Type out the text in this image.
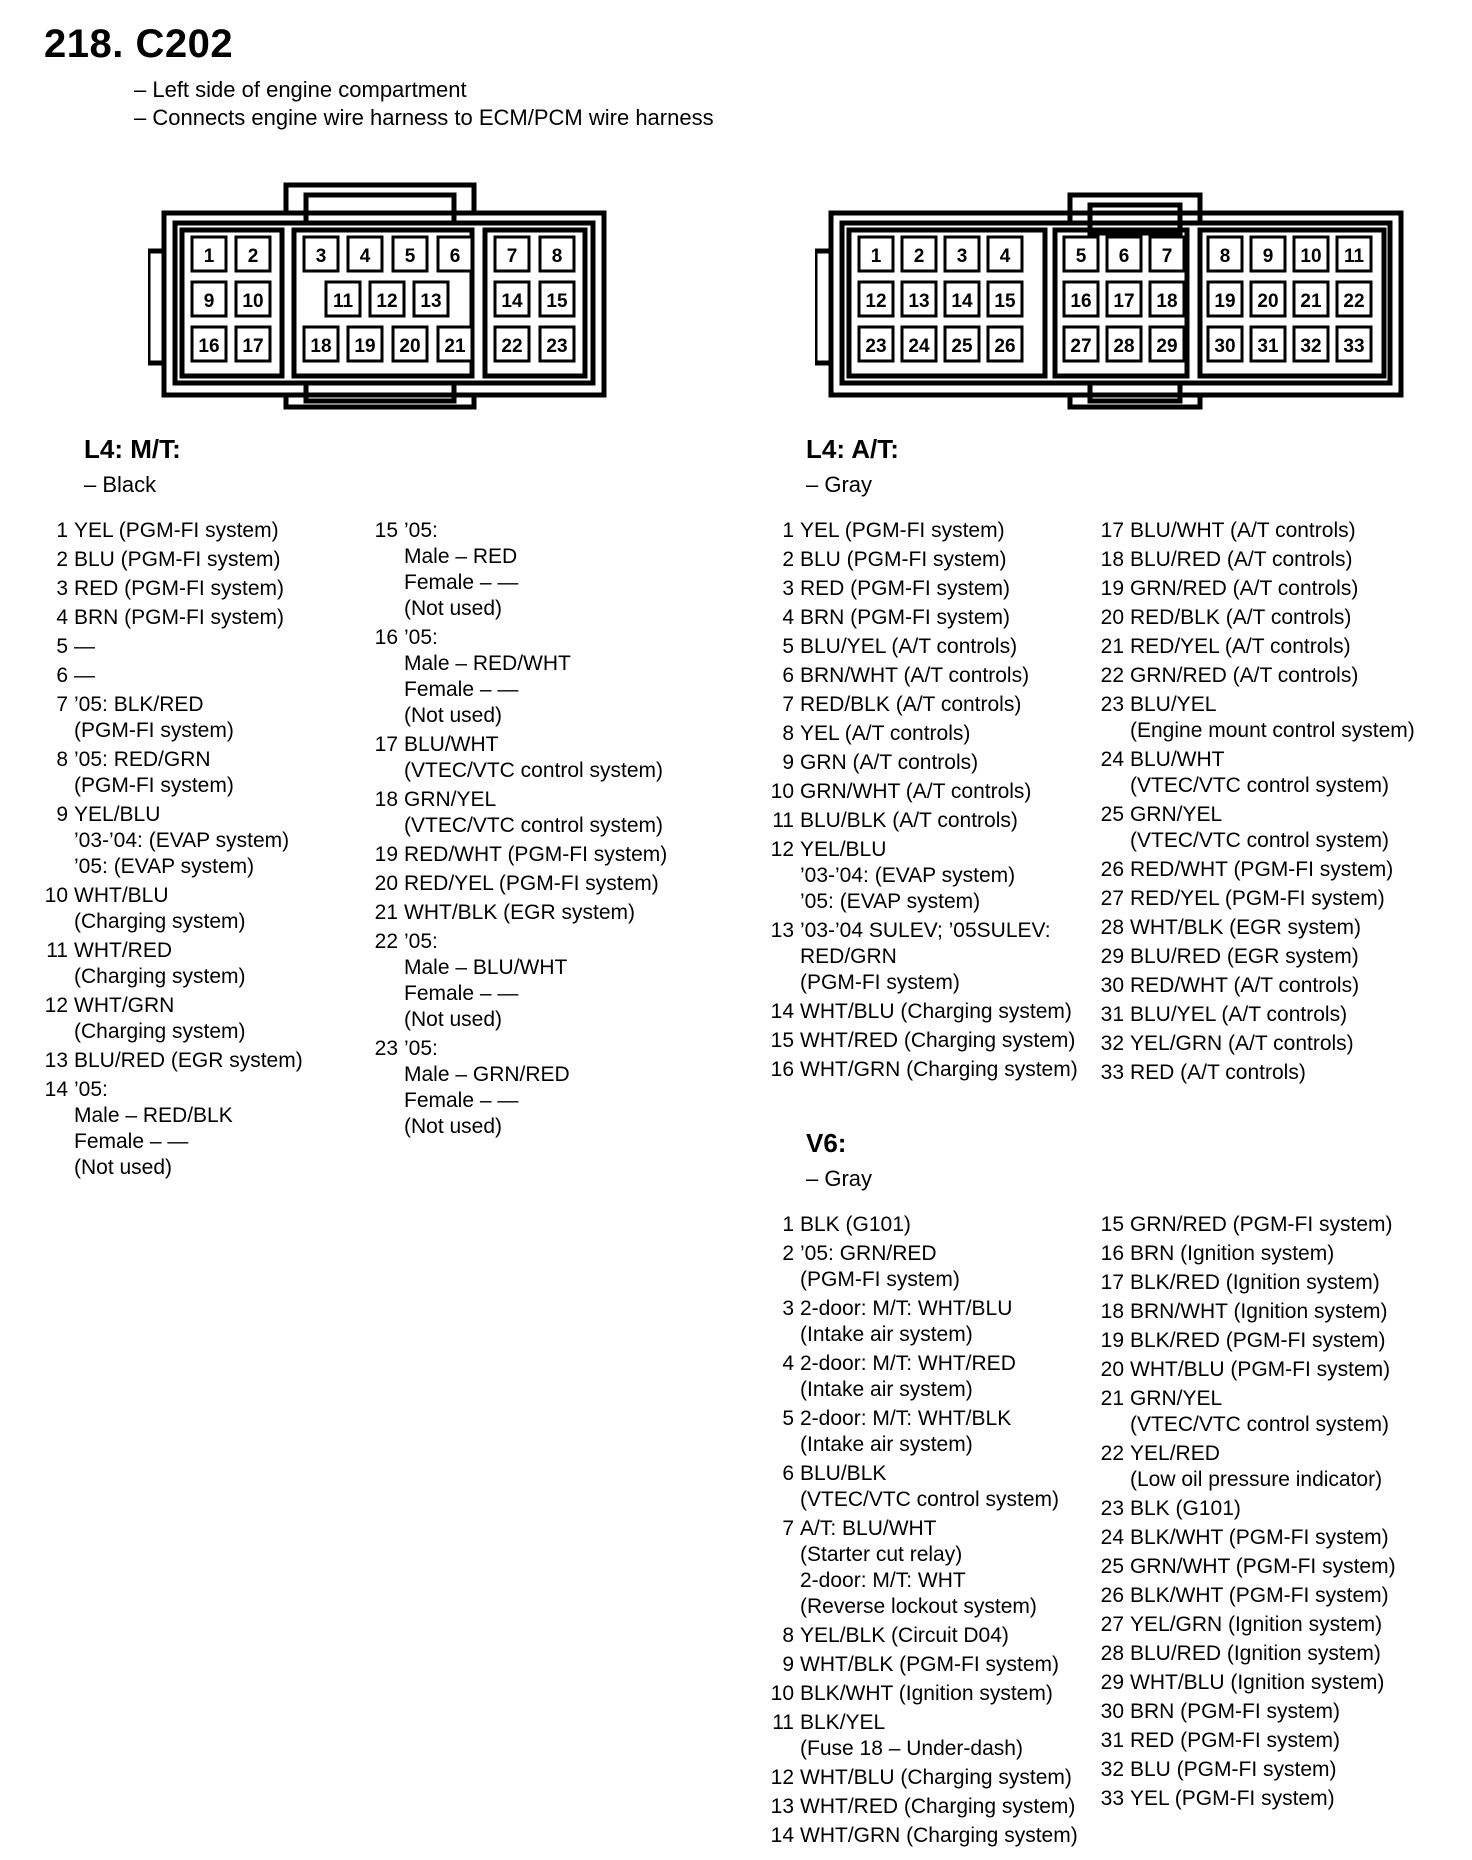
218. C202
– Left side of engine compartment
– Connects engine wire harness to ECM/PCM wire harness
1 2	3 4 5 6 7 8
9 10	11 12 13	14 15
16 17 18 19 20 21 22 23
1 2 3 4	5 6 7 8 9 10 11
12 13 14 15	16 17 18 19 20 21 22
23 24 25 26	27 28 29 30 31 32 33
L4: M/T:
– Black
1 YEL (PGM-FI system)
2 BLU (PGM-FI system)
3 RED (PGM-FI system)
4 BRN (PGM-FI system)
5 —
6 —
7 ’05: BLK/RED
(PGM-FI system)
8 ’05: RED/GRN
(PGM-FI system)
9 YEL/BLU
’03-’04: (EVAP system)
’05: (EVAP system)
10 WHT/BLU
(Charging system)
11 WHT/RED
(Charging system)
12 WHT/GRN
(Charging system)
13 BLU/RED (EGR system)
14 ’05:
Male – RED/BLK
Female – —
(Not used)
15 ’05:
Male – RED
Female – —
(Not used)
16 ’05:
Male – RED/WHT
Female – —
(Not used)
17 BLU/WHT
(VTEC/VTC control system)
18 GRN/YEL
(VTEC/VTC control system)
19 RED/WHT (PGM-FI system)
20 RED/YEL (PGM-FI system)
21 WHT/BLK (EGR system)
22 ’05:
Male – BLU/WHT
Female – —
(Not used)
23 ’05:
Male – GRN/RED
Female – —
(Not used)
L4: A/T:
– Gray
1 YEL (PGM-FI system)
2 BLU (PGM-FI system)
3 RED (PGM-FI system)
4 BRN (PGM-FI system)
5 BLU/YEL (A/T controls)
6 BRN/WHT (A/T controls)
7 RED/BLK (A/T controls)
8 YEL (A/T controls)
9 GRN (A/T controls)
10 GRN/WHT (A/T controls)
11 BLU/BLK (A/T controls)
12 YEL/BLU
’03-’04: (EVAP system)
’05: (EVAP system)
13 ’03-’04 SULEV; ’05SULEV:
RED/GRN
(PGM-FI system)
14 WHT/BLU (Charging system)
15 WHT/RED (Charging system)
16 WHT/GRN (Charging system)
17 BLU/WHT (A/T controls)
18 BLU/RED (A/T controls)
19 GRN/RED (A/T controls)
20 RED/BLK (A/T controls)
21 RED/YEL (A/T controls)
22 GRN/RED (A/T controls)
23 BLU/YEL
(Engine mount control system)
24 BLU/WHT
(VTEC/VTC control system)
25 GRN/YEL
(VTEC/VTC control system)
26 RED/WHT (PGM-FI system)
27 RED/YEL (PGM-FI system)
28 WHT/BLK (EGR system)
29 BLU/RED (EGR system)
30 RED/WHT (A/T controls)
31 BLU/YEL (A/T controls)
32 YEL/GRN (A/T controls)
33 RED (A/T controls)
V6:
– Gray
1 BLK (G101)
2 ’05: GRN/RED
(PGM-FI system)
3 2-door: M/T: WHT/BLU
(Intake air system)
4 2-door: M/T: WHT/RED
(Intake air system)
5 2-door: M/T: WHT/BLK
(Intake air system)
6 BLU/BLK
(VTEC/VTC control system)
7 A/T: BLU/WHT
(Starter cut relay)
2-door: M/T: WHT
(Reverse lockout system)
8 YEL/BLK (Circuit D04)
9 WHT/BLK (PGM-FI system)
10 BLK/WHT (Ignition system)
11 BLK/YEL
(Fuse 18 – Under-dash)
12 WHT/BLU (Charging system)
13 WHT/RED (Charging system)
14 WHT/GRN (Charging system)
15 GRN/RED (PGM-FI system)
16 BRN (Ignition system)
17 BLK/RED (Ignition system)
18 BRN/WHT (Ignition system)
19 BLK/RED (PGM-FI system)
20 WHT/BLU (PGM-FI system)
21 GRN/YEL
(VTEC/VTC control system)
22 YEL/RED
(Low oil pressure indicator)
23 BLK (G101)
24 BLK/WHT (PGM-FI system)
25 GRN/WHT (PGM-FI system)
26 BLK/WHT (PGM-FI system)
27 YEL/GRN (Ignition system)
28 BLU/RED (Ignition system)
29 WHT/BLU (Ignition system)
30 BRN (PGM-FI system)
31 RED (PGM-FI system)
32 BLU (PGM-FI system)
33 YEL (PGM-FI system)
